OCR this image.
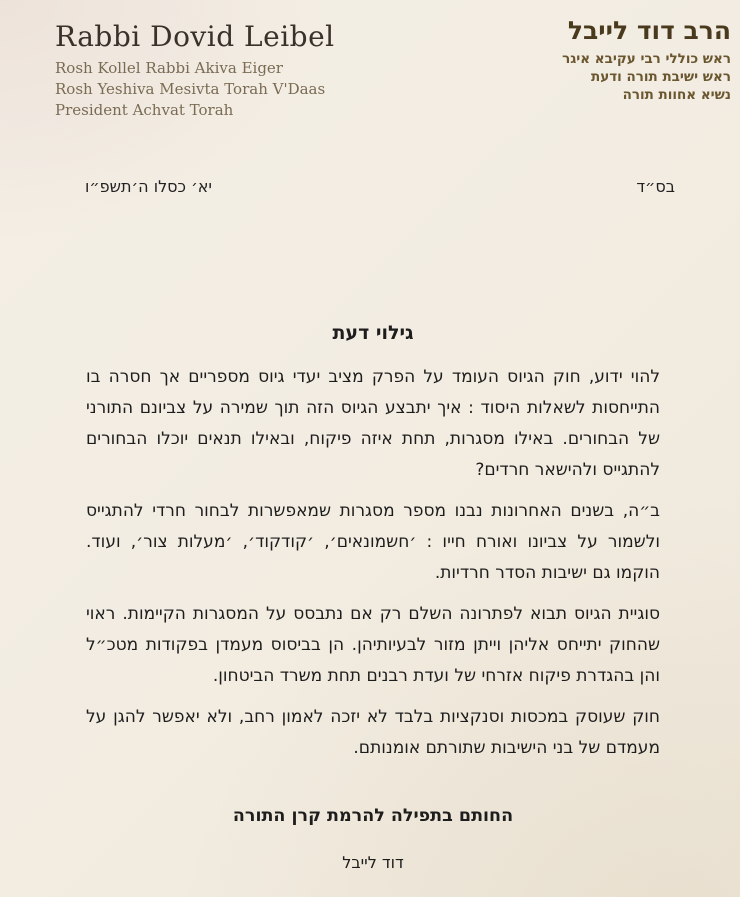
Rabbi Dovid Leibel
Rosh Kollel Rabbi Akiva Eiger
Rosh Yeshiva Mesivta Torah V'Daas
President Achvat Torah
הרב דוד לייבל
ראש כוללי רבי עקיבא איגר
ראש ישיבת תורה ודעת
נשיא אחוות תורה
בס״ד
יא׳ כסלו ה׳תשפ״ו
גילוי דעת

להוי ידוע, חוק הגיוס העומד על הפרק מציב יעדי גיוס מספריים אך חסרה בו התייחסות לשאלות היסוד : איך יתבצע הגיוס הזה תוך שמירה על צביונם התורני של הבחורים. באילו מסגרות, תחת איזה פיקוח, ובאילו תנאים יוכלו הבחורים להתגייס ולהישאר חרדים?

ב״ה, בשנים האחרונות נבנו מספר מסגרות שמאפשרות לבחור חרדי להתגייס ולשמור על צביונו ואורח חייו : ׳חשמונאים׳, ׳קודקוד׳, ׳מעלות צור׳, ועוד. הוקמו גם ישיבות הסדר חרדיות.

סוגיית הגיוס תבוא לפתרונה השלם רק אם נתבסס על המסגרות הקיימות. ראוי שהחוק יתייחס אליהן וייתן מזור לבעיותיהן. הן בביסוס מעמדן בפקודות מטכ״ל והן בהגדרת פיקוח אזרחי של ועדת רבנים תחת משרד הביטחון.

חוק שעוסק במכסות וסנקציות בלבד לא יזכה לאמון רחב, ולא יאפשר להגן על מעמדם של בני הישיבות שתורתם אומנותם.

החותם בתפילה להרמת קרן התורה
דוד לייבל
